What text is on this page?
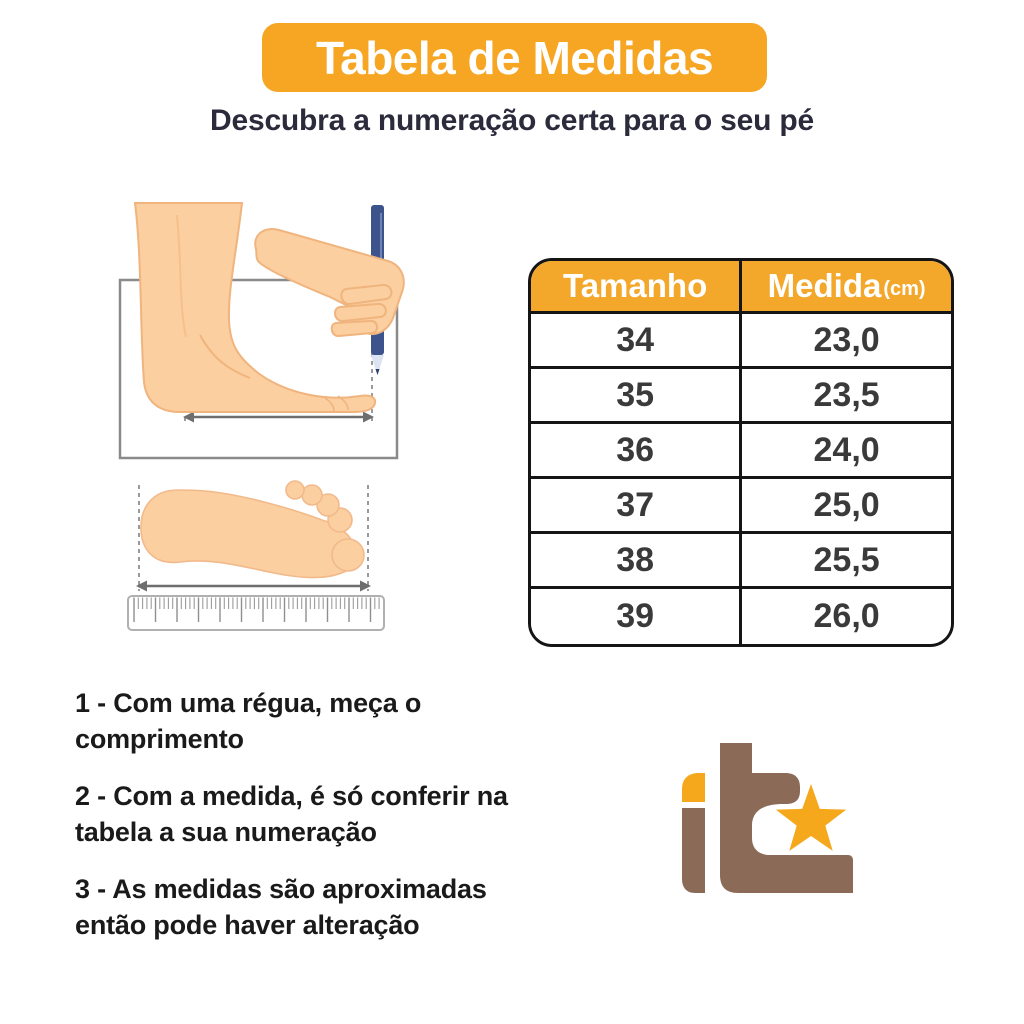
Tabela de Medidas
Descubra a numeração certa para o seu pé
Tamanho Medida (cm)
34	23,0
35	23,5
36	24,0
37	25,0
38	25,5
39	26,0

1 - Com uma régua, meça o comprimento

2 - Com a medida, é só conferir na tabela a sua numeração

3 - As medidas são aproximadas então pode haver alteração
